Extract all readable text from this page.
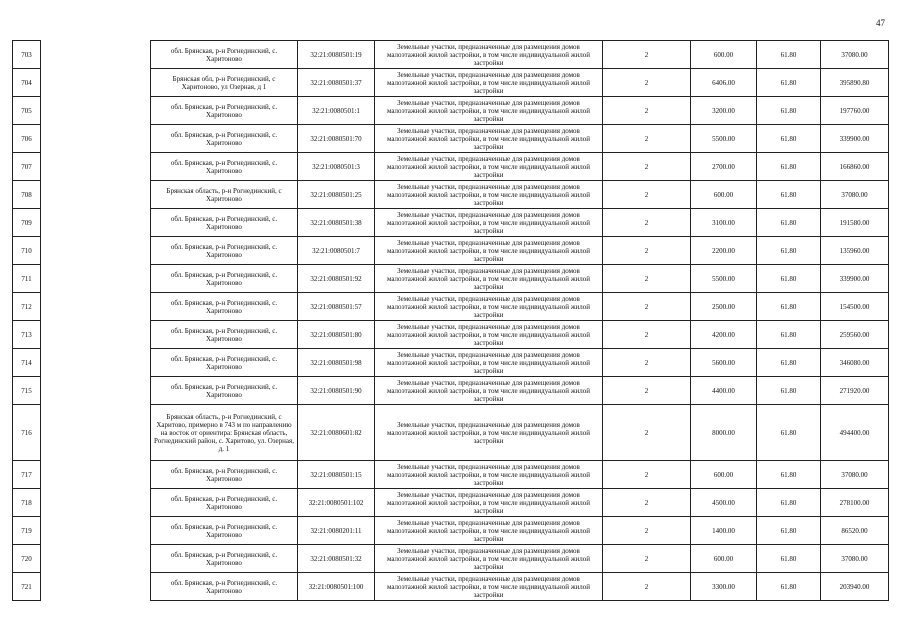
47
703		обл. Брянская, р-н Рогнединский, с. Харитоново	32:21:0080501:19	Земельные участки, предназначенные для размещения домов малоэтажной жилой застройки, в том числе индивидуальной жилой застройки	2	600.00	61.80	37080.00
704		Брянская обл, р-н Рогнединский, с Харитоново, ул Озерная, д 1	32:21:0080501:37	Земельные участки, предназначенные для размещения домов малоэтажной жилой застройки, в том числе индивидуальной жилой застройки	2	6406.00	61.80	395890.80
705		обл. Брянская, р-н Рогнединский, с. Харитоново	32:21:0080501:1	Земельные участки, предназначенные для размещения домов малоэтажной жилой застройки, в том числе индивидуальной жилой застройки	2	3200.00	61.80	197760.00
706		обл. Брянская, р-н Рогнединский, с. Харитоново	32:21:0080501:70	Земельные участки, предназначенные для размещения домов малоэтажной жилой застройки, в том числе индивидуальной жилой застройки	2	5500.00	61.80	339900.00
707		обл. Брянская, р-н Рогнединский, с. Харитоново	32:21:0080501:3	Земельные участки, предназначенные для размещения домов малоэтажной жилой застройки, в том числе индивидуальной жилой застройки	2	2700.00	61.80	166860.00
708		Брянская область, р-н Рогнединский, с Харитоново	32:21:0080501:25	Земельные участки, предназначенные для размещения домов малоэтажной жилой застройки, в том числе индивидуальной жилой застройки	2	600.00	61.80	37080.00
709		обл. Брянская, р-н Рогнединский, с. Харитоново	32:21:0080501:38	Земельные участки, предназначенные для размещения домов малоэтажной жилой застройки, в том числе индивидуальной жилой застройки	2	3100.00	61.80	191580.00
710		обл. Брянская, р-н Рогнединский, с. Харитоново	32:21:0080501:7	Земельные участки, предназначенные для размещения домов малоэтажной жилой застройки, в том числе индивидуальной жилой застройки	2	2200.00	61.80	135960.00
711		обл. Брянская, р-н Рогнединский, с. Харитоново	32:21:0080501:92	Земельные участки, предназначенные для размещения домов малоэтажной жилой застройки, в том числе индивидуальной жилой застройки	2	5500.00	61.80	339900.00
712		обл. Брянская, р-н Рогнединский, с. Харитоново	32:21:0080501:57	Земельные участки, предназначенные для размещения домов малоэтажной жилой застройки, в том числе индивидуальной жилой застройки	2	2500.00	61.80	154500.00
713		обл. Брянская, р-н Рогнединский, с. Харитоново	32:21:0080501:80	Земельные участки, предназначенные для размещения домов малоэтажной жилой застройки, в том числе индивидуальной жилой застройки	2	4200.00	61.80	259560.00
714		обл. Брянская, р-н Рогнединский, с. Харитоново	32:21:0080501:98	Земельные участки, предназначенные для размещения домов малоэтажной жилой застройки, в том числе индивидуальной жилой застройки	2	5600.00	61.80	346080.00
715		обл. Брянская, р-н Рогнединский, с. Харитоново	32:21:0080501:90	Земельные участки, предназначенные для размещения домов малоэтажной жилой застройки, в том числе индивидуальной жилой застройки	2	4400.00	61.80	271920.00
716		Брянская область, р-н Рогнединский, с Харитово, примерно в 743 м по направлению на восток от ориентира: Брянская область, Рогнединский район, с. Харитово, ул. Озерная, д. 1	32:21:0080601:82	Земельные участки, предназначенные для размещения домов малоэтажной жилой застройки, в том числе индивидуальной жилой застройки	2	8000.00	61.80	494400.00
717		обл. Брянская, р-н Рогнединский, с. Харитоново	32:21:0080501:15	Земельные участки, предназначенные для размещения домов малоэтажной жилой застройки, в том числе индивидуальной жилой застройки	2	600.00	61.80	37080.00
718		обл. Брянская, р-н Рогнединский, с. Харитоново	32:21:0080501:102	Земельные участки, предназначенные для размещения домов малоэтажной жилой застройки, в том числе индивидуальной жилой застройки	2	4500.00	61.80	278100.00
719		обл. Брянская, р-н Рогнединский, с. Харитоново	32:21:0080201:11	Земельные участки, предназначенные для размещения домов малоэтажной жилой застройки, в том числе индивидуальной жилой застройки	2	1400.00	61.80	86520.00
720		обл. Брянская, р-н Рогнединский, с. Харитоново	32:21:0080501:32	Земельные участки, предназначенные для размещения домов малоэтажной жилой застройки, в том числе индивидуальной жилой застройки	2	600.00	61.80	37080.00
721		обл. Брянская, р-н Рогнединский, с. Харитоново	32:21:0080501:100	Земельные участки, предназначенные для размещения домов малоэтажной жилой застройки, в том числе индивидуальной жилой застройки	2	3300.00	61.80	203940.00
